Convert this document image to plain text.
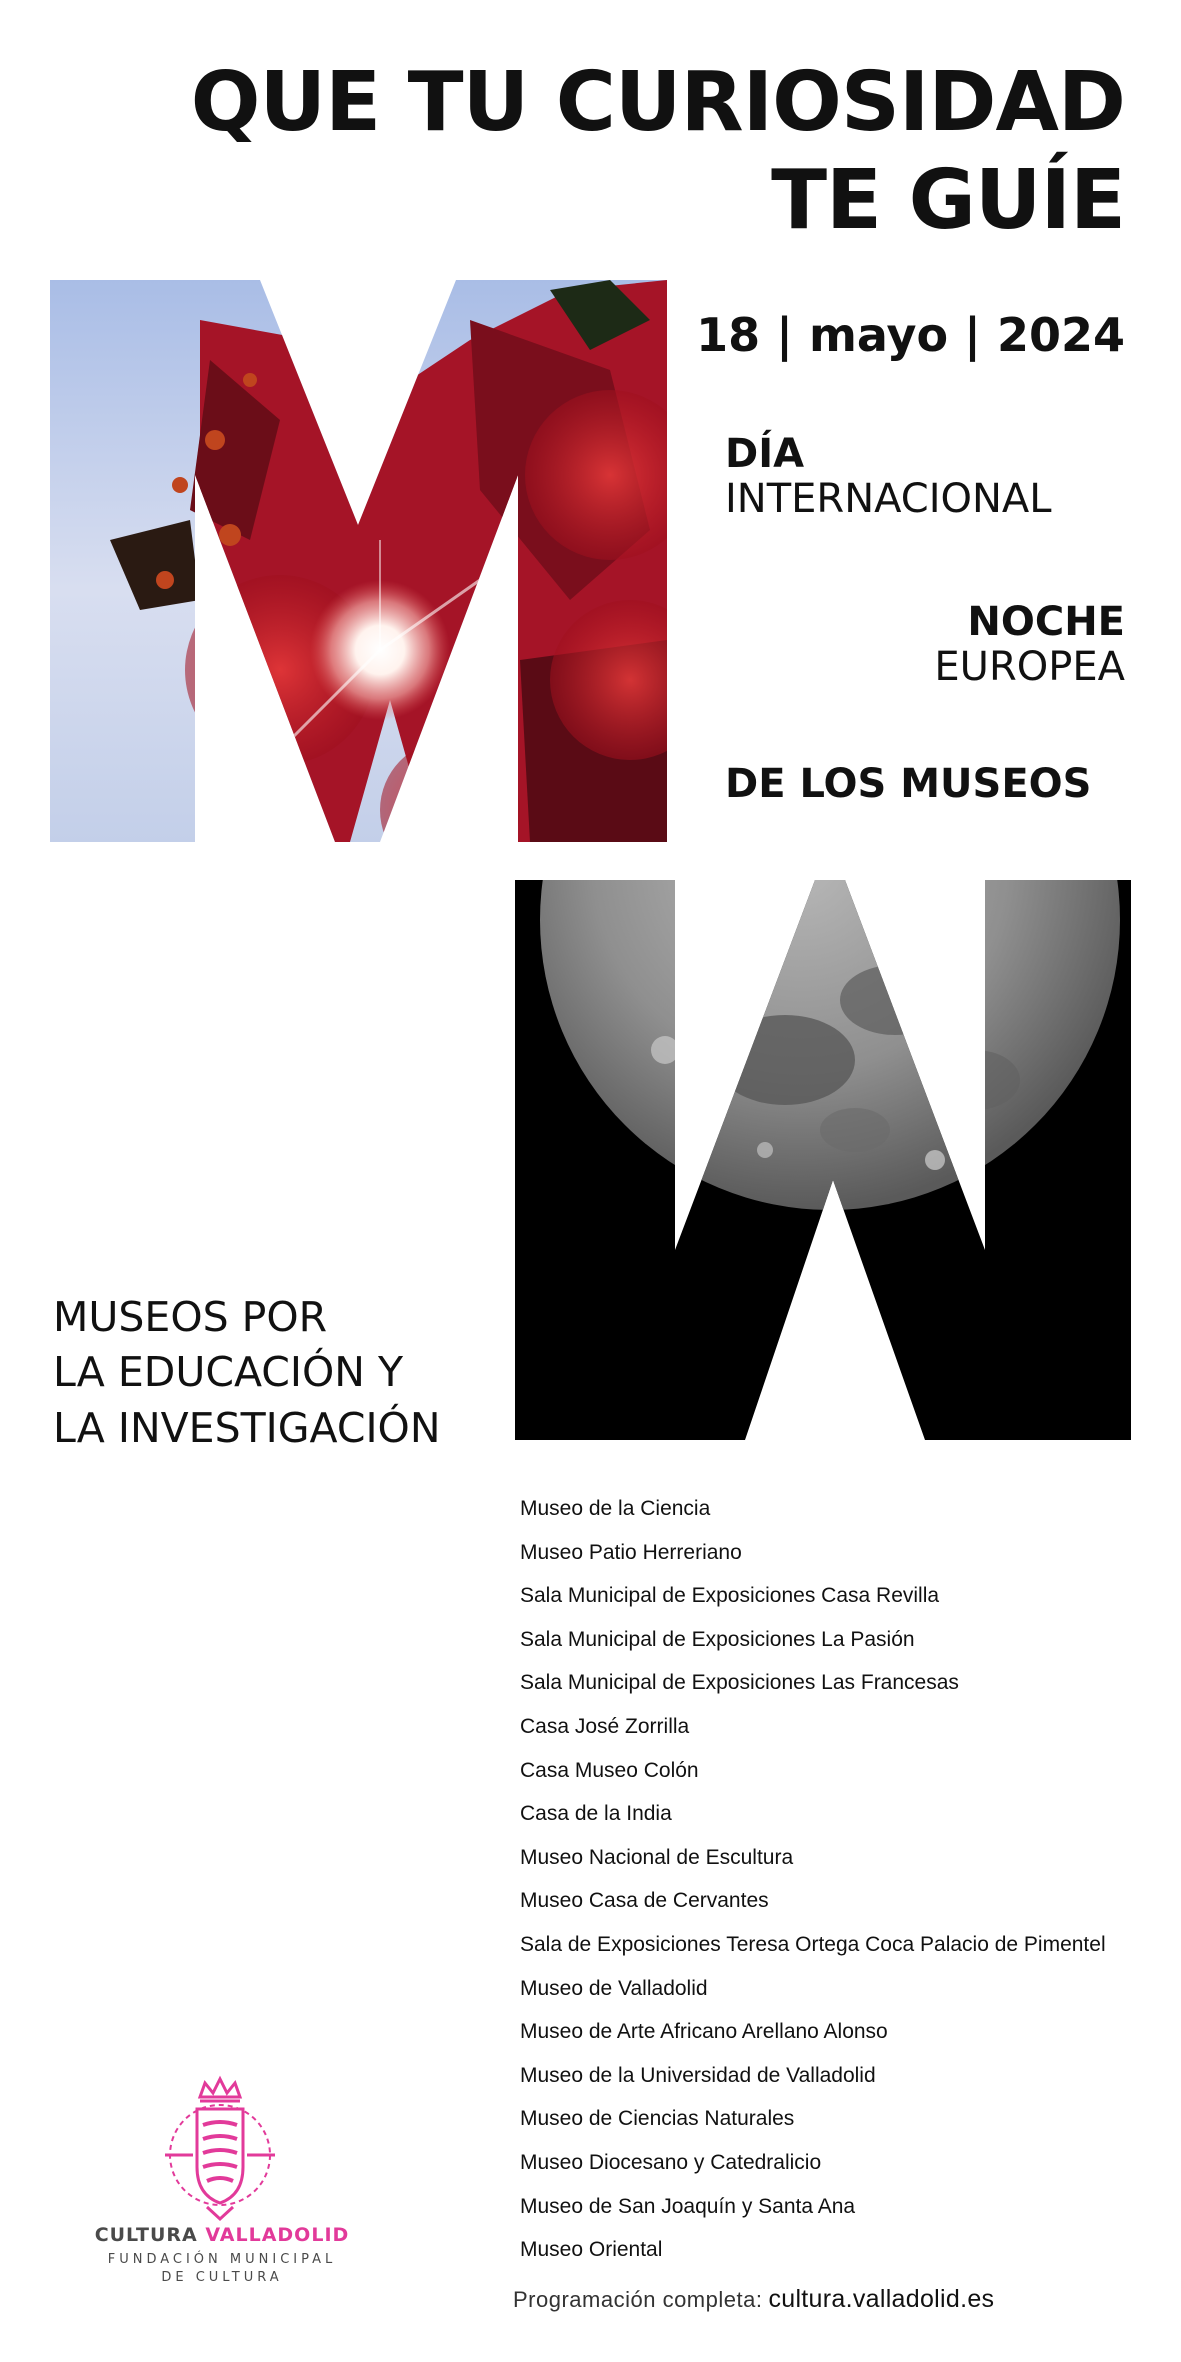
QUE TU CURIOSIDAD
TE GUÍE
18 | mayo | 2024
DÍA
INTERNACIONAL
NOCHE
EUROPEA
DE LOS MUSEOS
MUSEOS POR
LA EDUCACIÓN Y
LA INVESTIGACIÓN
Museo de la Ciencia
Museo Patio Herreriano
Sala Municipal de Exposiciones Casa Revilla
Sala Municipal de Exposiciones La Pasión
Sala Municipal de Exposiciones Las Francesas
Casa José Zorrilla
Casa Museo Colón
Casa de la India
Museo Nacional de Escultura
Museo Casa de Cervantes
Sala de Exposiciones Teresa Ortega Coca Palacio de Pimentel
Museo de Valladolid
Museo de Arte Africano Arellano Alonso
Museo de la Universidad de Valladolid
Museo de Ciencias Naturales
Museo Diocesano y Catedralicio
Museo de San Joaquín y Santa Ana
Museo Oriental
CULTURA VALLADOLID
FUNDACIÓN MUNICIPAL
DE CULTURA
Programación completa: cultura.valladolid.es
